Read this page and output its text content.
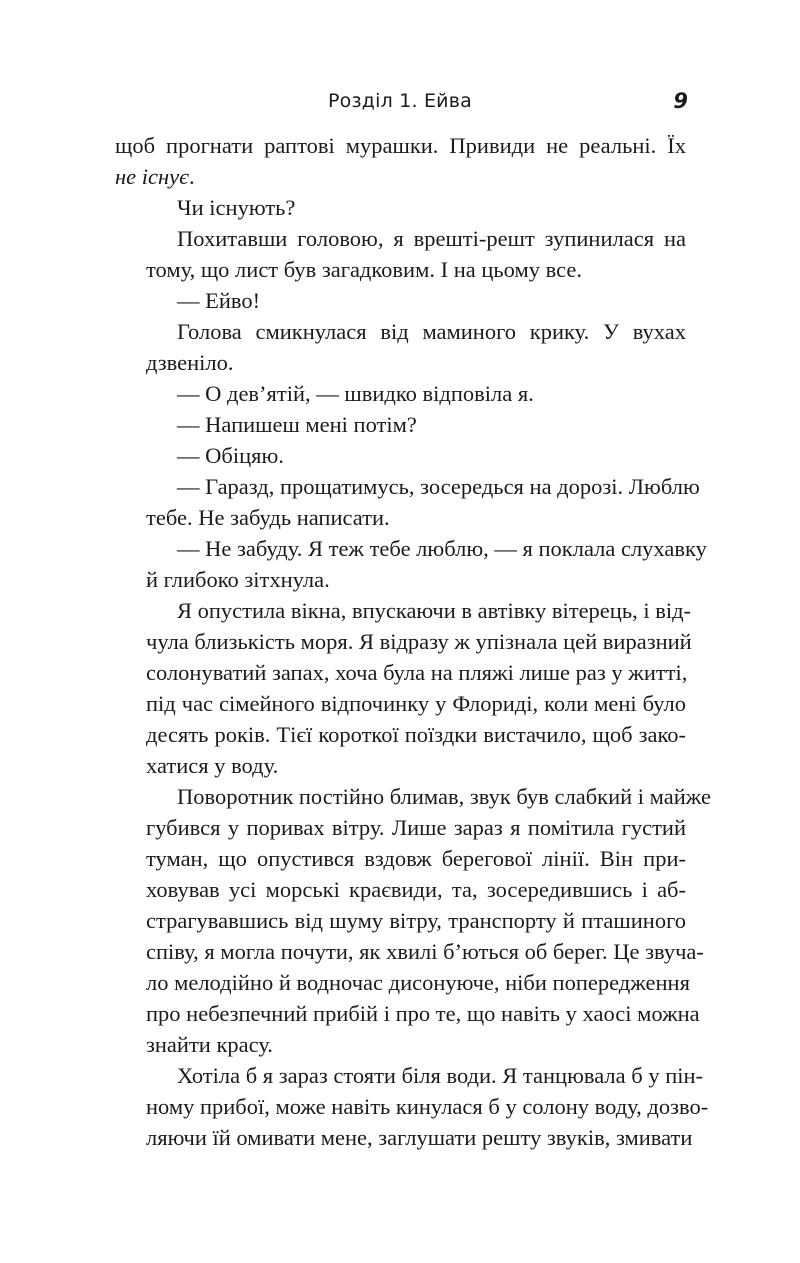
Розділ 1. Ейва	9
щоб прогнати раптові мурашки. Привиди не реальні. Їх
не існує.
Чи існують?
Похитавши головою, я врешті-решт зупинилася на
тому, що лист був загадковим. І на цьому все.
— Ейво!
Голова смикнулася від маминого крику. У вухах
дзвеніло.
— О дев’ятій, — швидко відповіла я.
— Напишеш мені потім?
— Обіцяю.
— Гаразд, прощатимусь, зосередься на дорозі. Люблю
тебе. Не забудь написати.
— Не забуду. Я теж тебе люблю, — я поклала слухавку
й глибоко зітхнула.
Я опустила вікна, впускаючи в автівку вітерець, і від-
чула близькість моря. Я відразу ж упізнала цей виразний
солонуватий запах, хоча була на пляжі лише раз у житті,
під час сімейного відпочинку у Флориді, коли мені було
десять років. Тієї короткої поїздки вистачило, щоб зако-
хатися у воду.
Поворотник постійно блимав, звук був слабкий і майже
губився у поривах вітру. Лише зараз я помітила густий
туман, що опустився вздовж берегової лінії. Він при-
ховував усі морські краєвиди, та, зосередившись і аб-
страгувавшись від шуму вітру, транспорту й пташиного
співу, я могла почути, як хвилі б’ються об берег. Це звуча-
ло мелодійно й водночас дисонуюче, ніби попередження
про небезпечний прибій і про те, що навіть у хаосі можна
знайти красу.
Хотіла б я зараз стояти біля води. Я танцювала б у пін-
ному прибої, може навіть кинулася б у солону воду, дозво-
ляючи їй омивати мене, заглушати решту звуків, змивати
